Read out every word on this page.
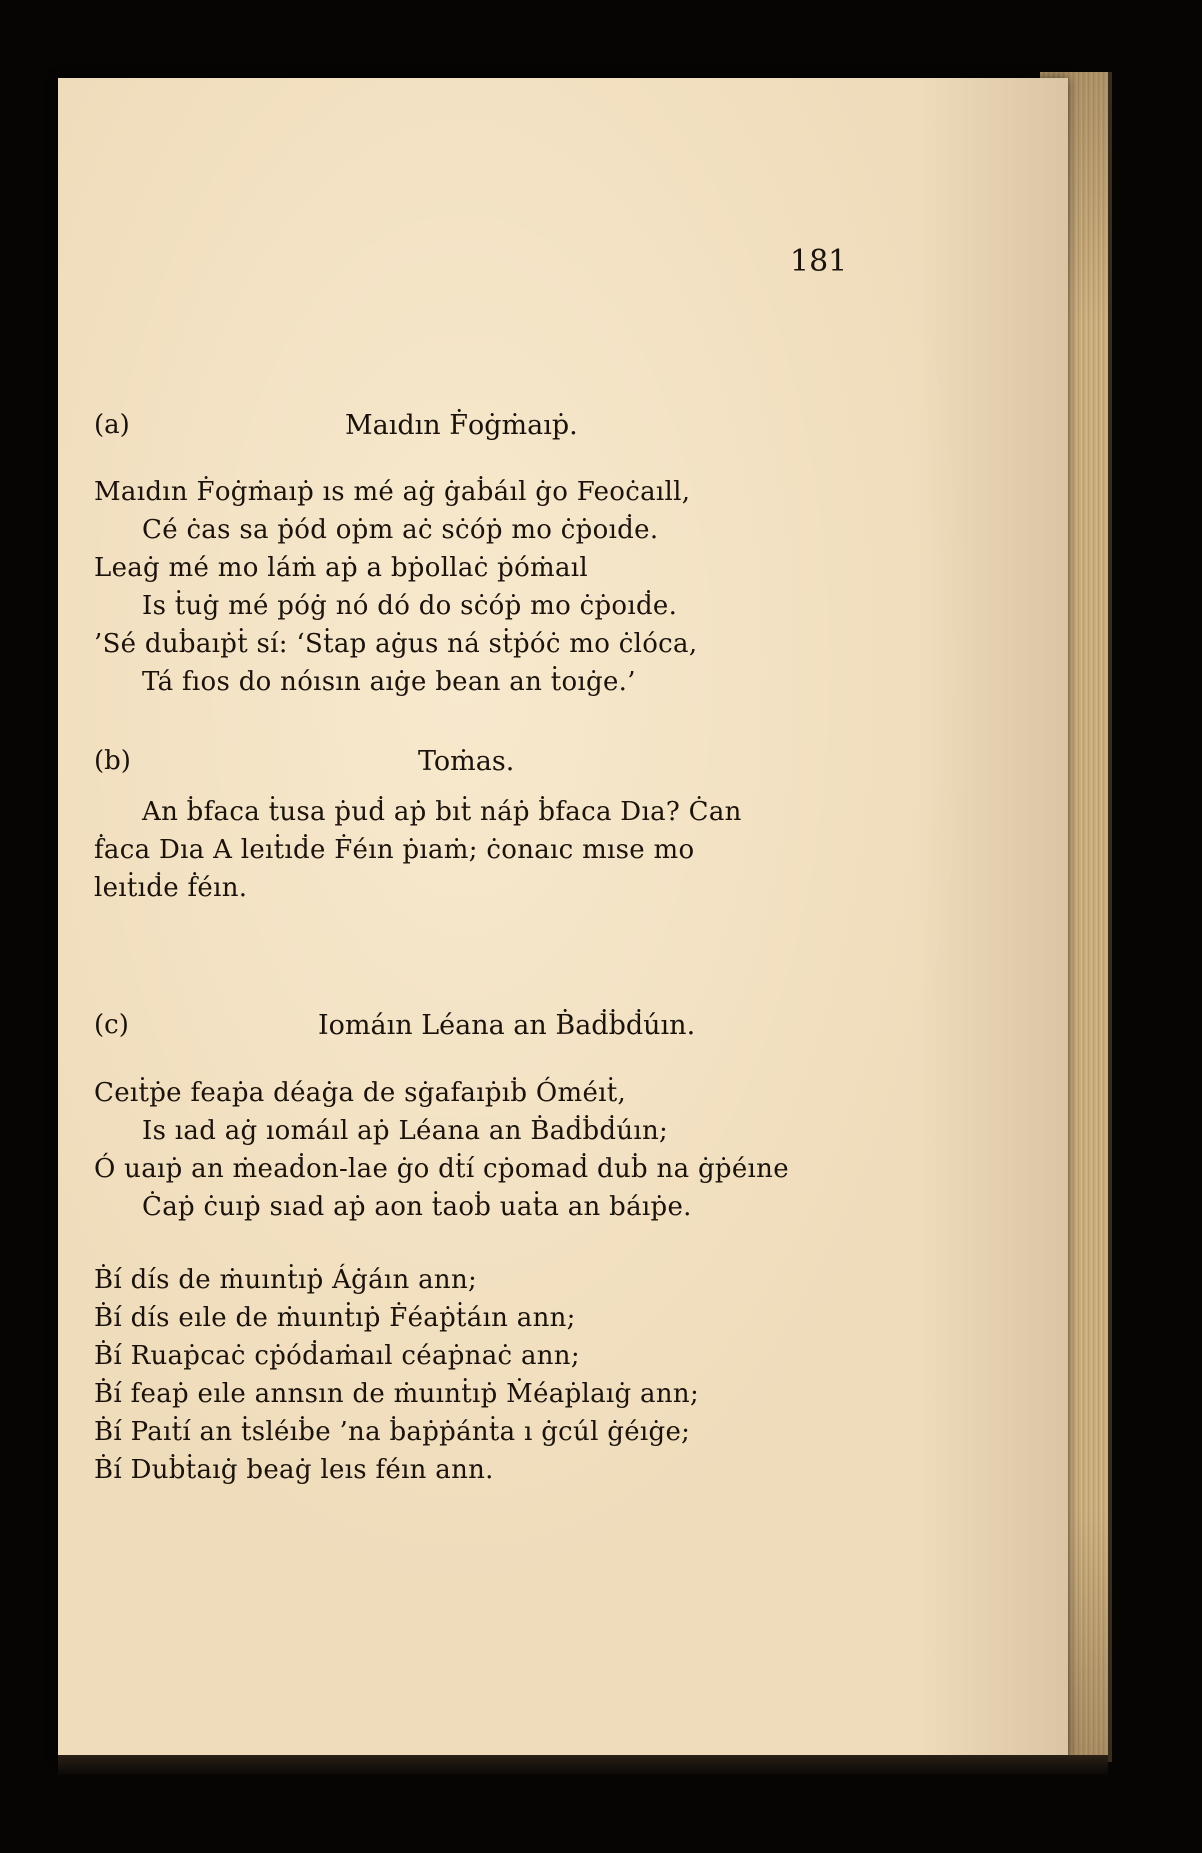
181
(a)	Maıdın Ḟoġṁaıṗ.
Maıdın Ḟoġṁaıṗ ıs mé aġ ġaḃáıl ġo Feoċaıll,
Cé ċas sa ṗód oṗm aċ sċóṗ mo ċṗoıḋe.
Leaġ mé mo láṁ aṗ a bṗollaċ ṗóṁaıl
Is ṫuġ mé póġ nó dó do sċóṗ mo ċṗoıḋe.
’Sé duḃaıṗṫ sí: ‘Sṫap aġus ná sṫṗóċ mo ċlóca,
Tá fıos do nóısın aıġe bean an ṫoıġe.’
(b)	Toṁas.
An ḃfaca ṫusa ṗuḋ aṗ bıṫ náṗ ḃfaca Dıa? Ċan
ḟaca Dıa A leıṫıḋe Ḟéın ṗıaṁ; ċonaıc mıse mo
leıṫıḋe ḟéın.
(c)	Iomáın Léana an Ḃaḋḃḋúın.
Ceıṫṗe feaṗa déaġa de sġafaıṗıḃ Óméıṫ,
Is ıad aġ ıomáıl aṗ Léana an Ḃaḋḃḋúın;
Ó uaıṗ an ṁeaḋon-lae ġo dṫí cṗomaḋ duḃ na ġṗéıne
Ċaṗ ċuıṗ sıad aṗ aon ṫaoḃ uaṫa an báıṗe.
Ḃí dís de ṁuınṫıṗ Áġáın ann;
Ḃí dís eıle de ṁuınṫıṗ Ḟéaṗṫáın ann;
Ḃí Ruaṗcaċ cṗóḋaṁaıl céaṗnaċ ann;
Ḃí feaṗ eıle annsın de ṁuınṫıṗ Ṁéaṗlaıġ ann;
Ḃí Paıṫí an ṫsléıḃe ’na ḃaṗṗánṫa ı ġcúl ġéıġe;
Ḃí Duḃṫaıġ beaġ leıs féın ann.
